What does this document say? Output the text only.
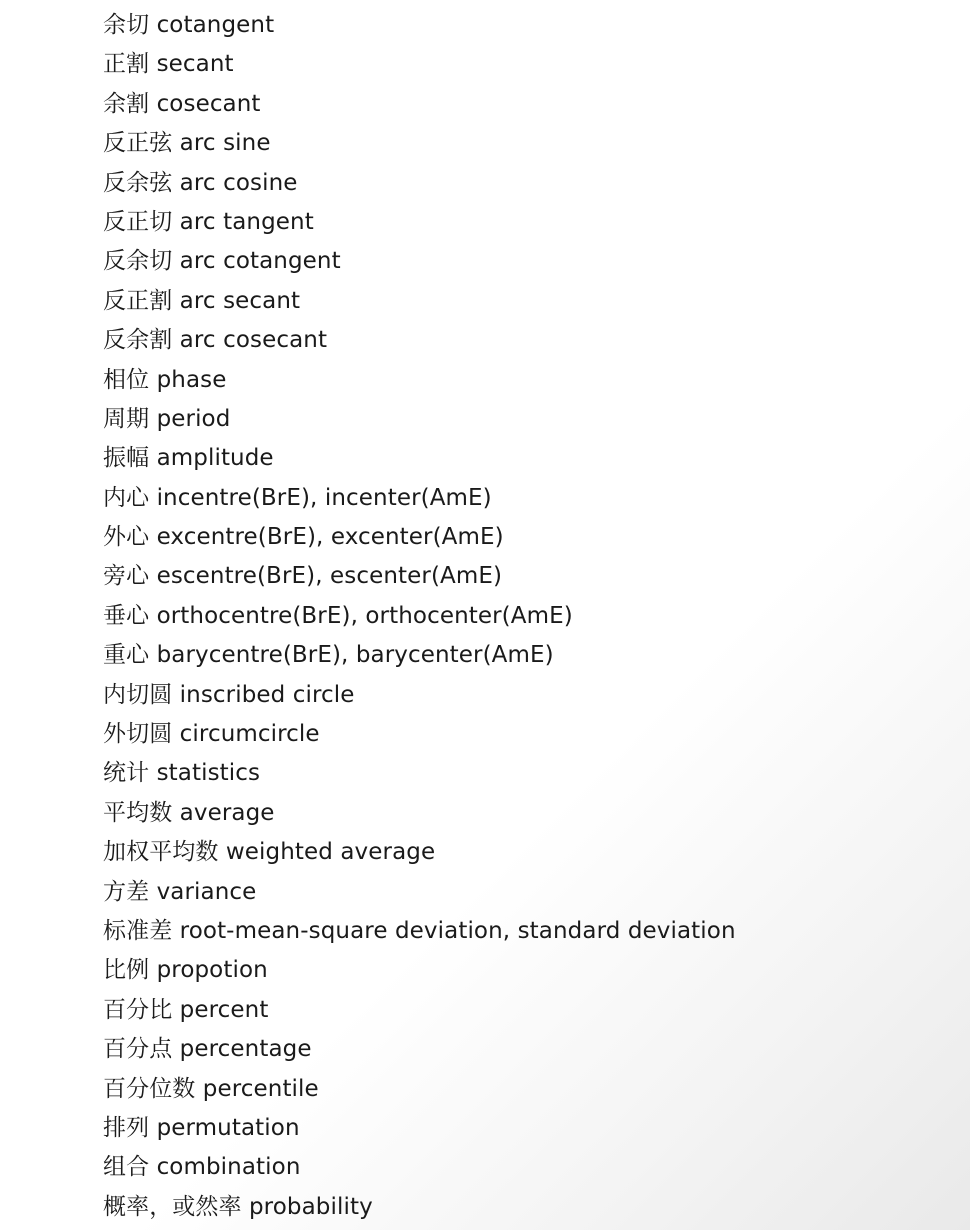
余切 cotangent
正割 secant
余割 cosecant
反正弦 arc sine
反余弦 arc cosine
反正切 arc tangent
反余切 arc cotangent
反正割 arc secant
反余割 arc cosecant
相位 phase
周期 period
振幅 amplitude
内心 incentre(BrE), incenter(AmE)
外心 excentre(BrE), excenter(AmE)
旁心 escentre(BrE), escenter(AmE)
垂心 orthocentre(BrE), orthocenter(AmE)
重心 barycentre(BrE), barycenter(AmE)
内切圆 inscribed circle
外切圆 circumcircle
统计 statistics
平均数 average
加权平均数 weighted average
方差 variance
标准差 root-mean-square deviation, standard deviation
比例 propotion
百分比 percent
百分点 percentage
百分位数 percentile
排列 permutation
组合 combination
概率，或然率 probability
